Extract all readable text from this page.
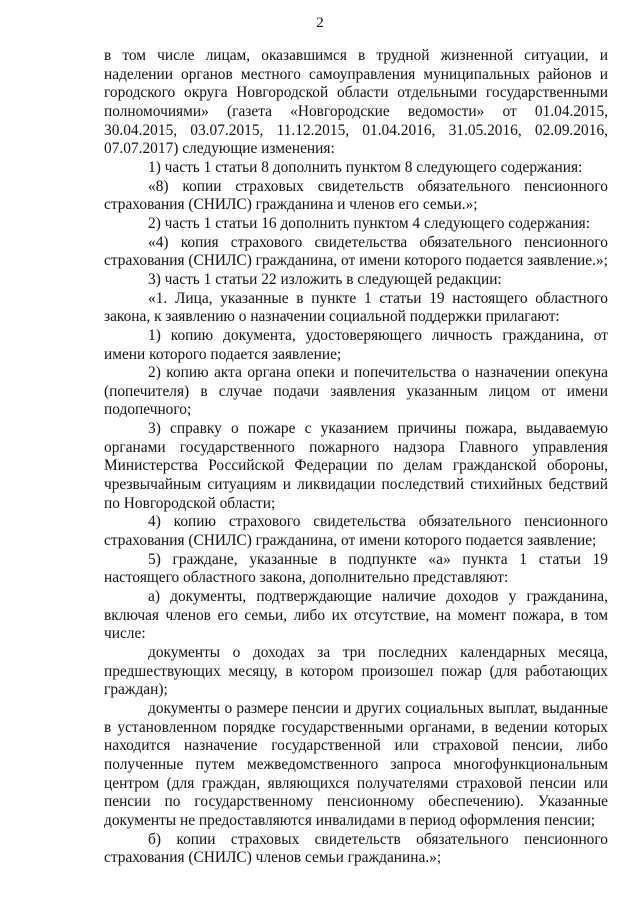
2

в том числе лицам, оказавшимся в трудной жизненной ситуации, и наделении органов местного самоуправления муниципальных районов и городского округа Новгородской области отдельными государственными полномочиями» (газета «Новгородские ведомости» от 01.04.2015, 30.04.2015, 03.07.2015, 11.12.2015, 01.04.2016, 31.05.2016, 02.09.2016, 07.07.2017) следующие изменения:

1) часть 1 статьи 8 дополнить пунктом 8 следующего содержания:

«8) копии страховых свидетельств обязательного пенсионного страхования (СНИЛС) гражданина и членов его семьи.»;

2) часть 1 статьи 16 дополнить пунктом 4 следующего содержания:

«4) копия страхового свидетельства обязательного пенсионного страхования (СНИЛС) гражданина, от имени которого подается заявление.»;

3) часть 1 статьи 22 изложить в следующей редакции:

«1. Лица, указанные в пункте 1 статьи 19 настоящего областного закона, к заявлению о назначении социальной поддержки прилагают:

1) копию документа, удостоверяющего личность гражданина, от имени которого подается заявление;

2) копию акта органа опеки и попечительства о назначении опекуна (попечителя) в случае подачи заявления указанным лицом от имени подопечного;

3) справку о пожаре с указанием причины пожара, выдаваемую органами государственного пожарного надзора Главного управления Министерства Российской Федерации по делам гражданской обороны, чрезвычайным ситуациям и ликвидации последствий стихийных бедствий по Новгородской области;

4) копию страхового свидетельства обязательного пенсионного страхования (СНИЛС) гражданина, от имени которого подается заявление;

5) граждане, указанные в подпункте «а» пункта 1 статьи 19 настоящего областного закона, дополнительно представляют:

а) документы, подтверждающие наличие доходов у гражданина, включая членов его семьи, либо их отсутствие, на момент пожара, в том числе:

документы о доходах за три последних календарных месяца, предшествующих месяцу, в котором произошел пожар (для работающих граждан);

документы о размере пенсии и других социальных выплат, выданные в установленном порядке государственными органами, в ведении которых находится назначение государственной или страховой пенсии, либо полученные путем межведомственного запроса многофункциональным центром (для граждан, являющихся получателями страховой пенсии или пенсии по государственному пенсионному обеспечению). Указанные документы не предоставляются инвалидами в период оформления пенсии;

б) копии страховых свидетельств обязательного пенсионного страхования (СНИЛС) членов семьи гражданина.»;
